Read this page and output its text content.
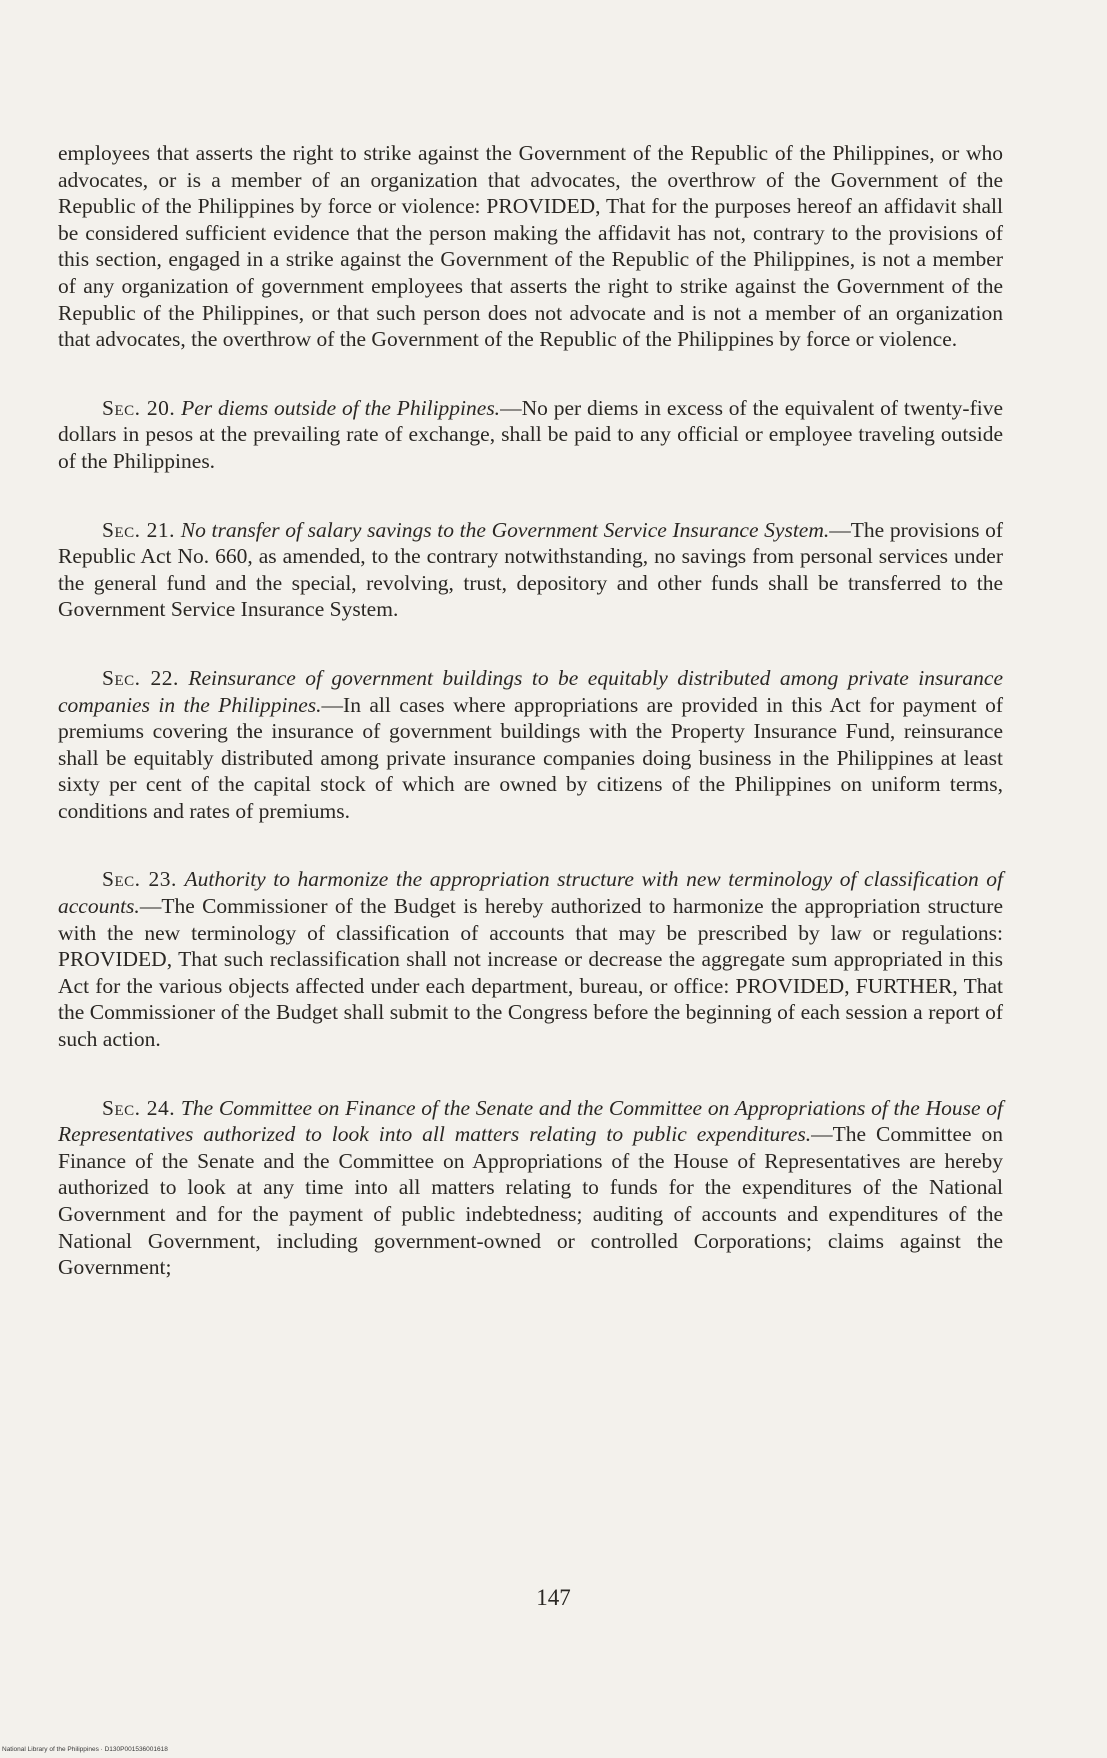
employees that asserts the right to strike against the Government of the Republic of the Philippines, or who advocates, or is a member of an organization that advocates, the overthrow of the Government of the Republic of the Philippines by force or violence: PROVIDED, That for the purposes hereof an affidavit shall be considered sufficient evidence that the person making the affidavit has not, contrary to the provisions of this section, engaged in a strike against the Government of the Republic of the Philippines, is not a member of any organization of government employees that asserts the right to strike against the Government of the Republic of the Philippines, or that such person does not advocate and is not a member of an organization that advocates, the overthrow of the Government of the Republic of the Philippines by force or violence.

Sec. 20. Per diems outside of the Philippines.—No per diems in excess of the equivalent of twenty-five dollars in pesos at the prevailing rate of exchange, shall be paid to any official or employee traveling outside of the Philippines.

Sec. 21. No transfer of salary savings to the Government Service Insurance System.—The provisions of Republic Act No. 660, as amended, to the contrary notwithstanding, no savings from personal services under the general fund and the special, revolving, trust, depository and other funds shall be transferred to the Government Service Insurance System.

Sec. 22. Reinsurance of government buildings to be equitably distributed among private insurance companies in the Philippines.—In all cases where appropriations are provided in this Act for payment of premiums covering the insurance of government buildings with the Property Insurance Fund, reinsurance shall be equitably distributed among private insurance companies doing business in the Philippines at least sixty per cent of the capital stock of which are owned by citizens of the Philippines on uniform terms, conditions and rates of premiums.

Sec. 23. Authority to harmonize the appropriation structure with new terminology of classification of accounts.—The Commissioner of the Budget is hereby authorized to harmonize the appropriation structure with the new terminology of classification of accounts that may be prescribed by law or regulations: PROVIDED, That such reclassification shall not increase or decrease the aggregate sum appropriated in this Act for the various objects affected under each department, bureau, or office: PROVIDED, FURTHER, That the Commissioner of the Budget shall submit to the Congress before the beginning of each session a report of such action.

Sec. 24. The Committee on Finance of the Senate and the Committee on Appropriations of the House of Representatives authorized to look into all matters relating to public expenditures.—The Committee on Finance of the Senate and the Committee on Appropriations of the House of Representatives are hereby authorized to look at any time into all matters relating to funds for the expenditures of the National Government and for the payment of public indebtedness; auditing of accounts and expenditures of the National Government, including government-owned or controlled Corporations; claims against the Government;

147
National Library of the Philippines · D130P001536001618
